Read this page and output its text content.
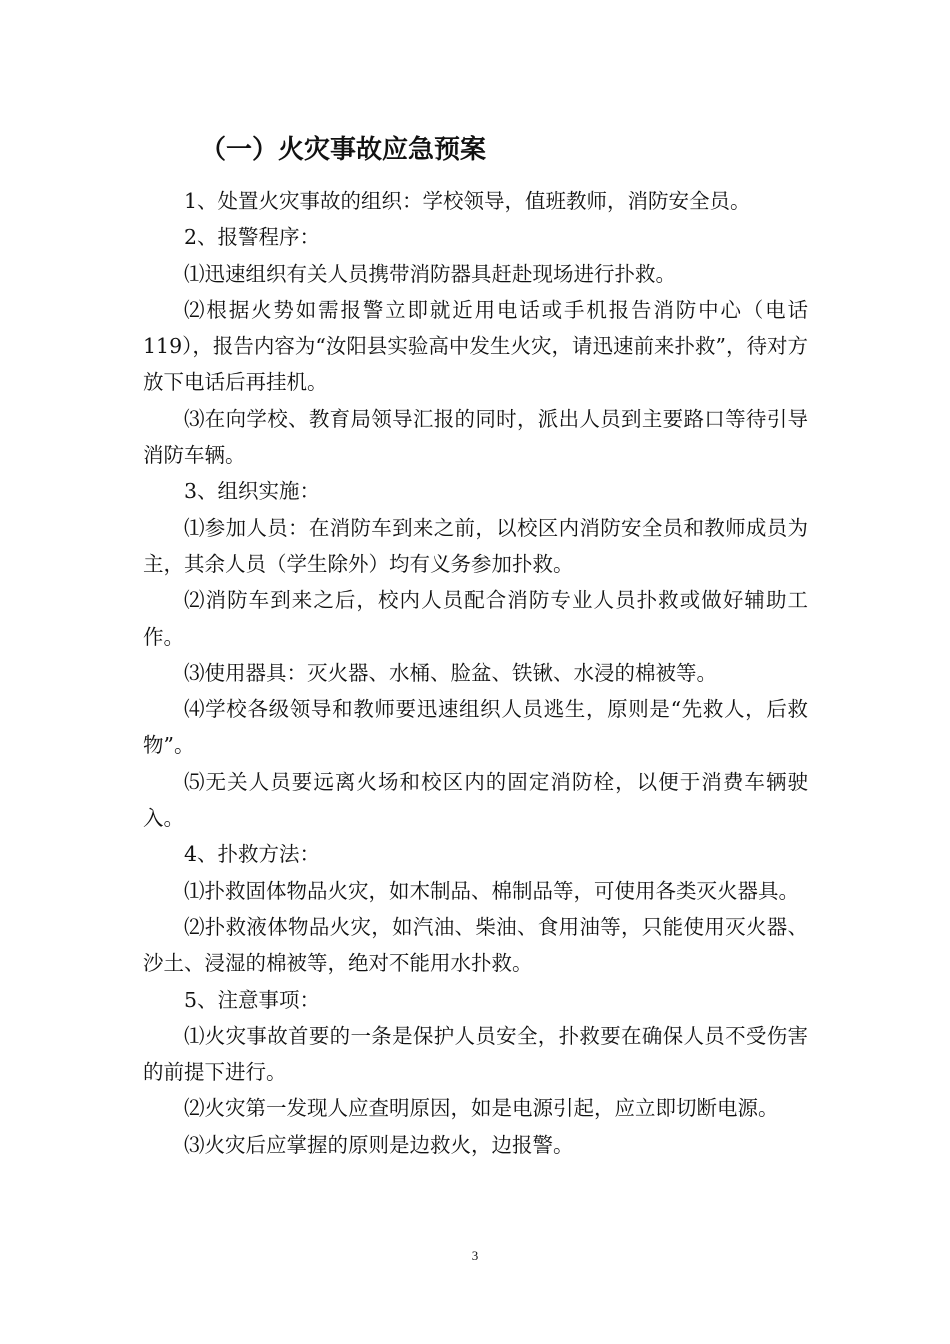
（一）火灾事故应急预案

1、处置火灾事故的组织：学校领导，值班教师，消防安全员。

2、报警程序：

⑴迅速组织有关人员携带消防器具赶赴现场进行扑救。

⑵根据火势如需报警立即就近用电话或手机报告消防中心（电话119），报告内容为“汝阳县实验高中发生火灾，请迅速前来扑救”，待对方放下电话后再挂机。

⑶在向学校、教育局领导汇报的同时，派出人员到主要路口等待引导消防车辆。

3、组织实施：

⑴参加人员：在消防车到来之前，以校区内消防安全员和教师成员为主，其余人员（学生除外）均有义务参加扑救。

⑵消防车到来之后，校内人员配合消防专业人员扑救或做好辅助工作。

⑶使用器具：灭火器、水桶、脸盆、铁锹、水浸的棉被等。

⑷学校各级领导和教师要迅速组织人员逃生，原则是“先救人，后救物”。

⑸无关人员要远离火场和校区内的固定消防栓，以便于消费车辆驶入。

4、扑救方法：

⑴扑救固体物品火灾，如木制品、棉制品等，可使用各类灭火器具。

⑵扑救液体物品火灾，如汽油、柴油、食用油等，只能使用灭火器、沙土、浸湿的棉被等，绝对不能用水扑救。

5、注意事项：

⑴火灾事故首要的一条是保护人员安全，扑救要在确保人员不受伤害的前提下进行。

⑵火灾第一发现人应查明原因，如是电源引起，应立即切断电源。

⑶火灾后应掌握的原则是边救火，边报警。

3
